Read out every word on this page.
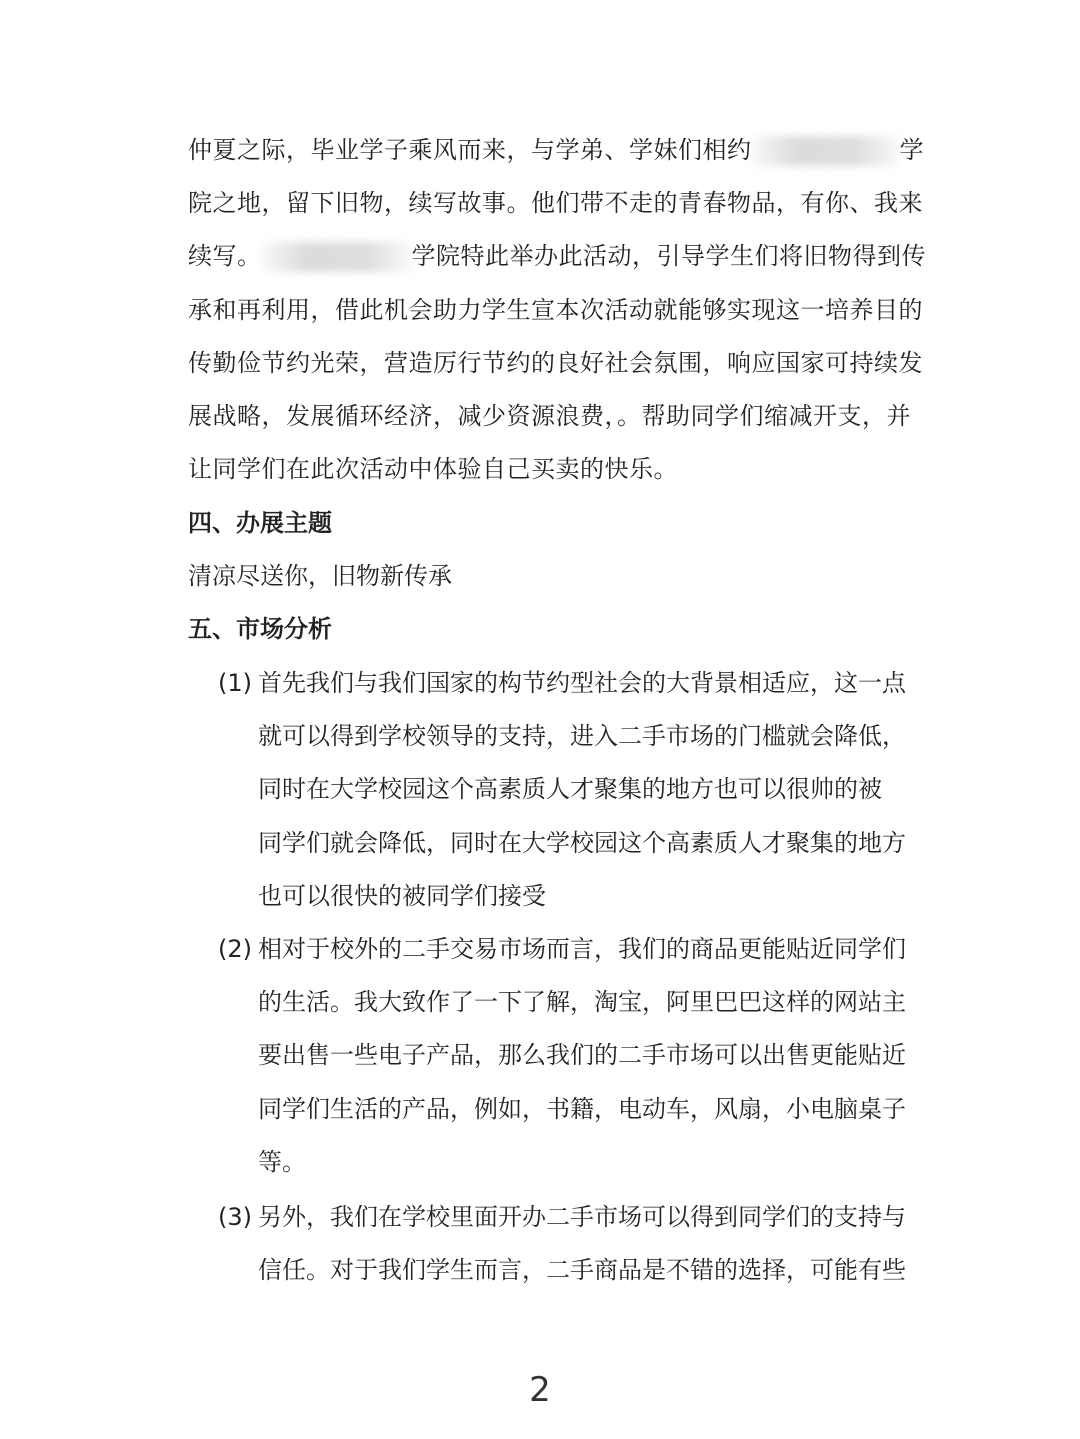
仲夏之际，毕业学子乘风而来，与学弟、学妹们相约	学
院之地，留下旧物，续写故事。他们带不走的青春物品，有你、我来
续写。	学院特此举办此活动，引导学生们将旧物得到传
承和再利用，借此机会助力学生宣本次活动就能够实现这一培养目的
传勤俭节约光荣，营造厉行节约的良好社会氛围，响应国家可持续发
展战略，发展循环经济，减少资源浪费，。帮助同学们缩减开支，并
让同学们在此次活动中体验自己买卖的快乐。
四、办展主题
清凉尽送你，旧物新传承
五、市场分析
(1) 首先我们与我们国家的构节约型社会的大背景相适应，这一点
就可以得到学校领导的支持，进入二手市场的门槛就会降低，
同时在大学校园这个高素质人才聚集的地方也可以很帅的被
同学们就会降低，同时在大学校园这个高素质人才聚集的地方
也可以很快的被同学们接受
(2) 相对于校外的二手交易市场而言，我们的商品更能贴近同学们
的生活。我大致作了一下了解，淘宝，阿里巴巴这样的网站主
要出售一些电子产品，那么我们的二手市场可以出售更能贴近
同学们生活的产品，例如，书籍，电动车，风扇，小电脑桌子
等。
(3) 另外，我们在学校里面开办二手市场可以得到同学们的支持与
信任。对于我们学生而言，二手商品是不错的选择，可能有些
2
